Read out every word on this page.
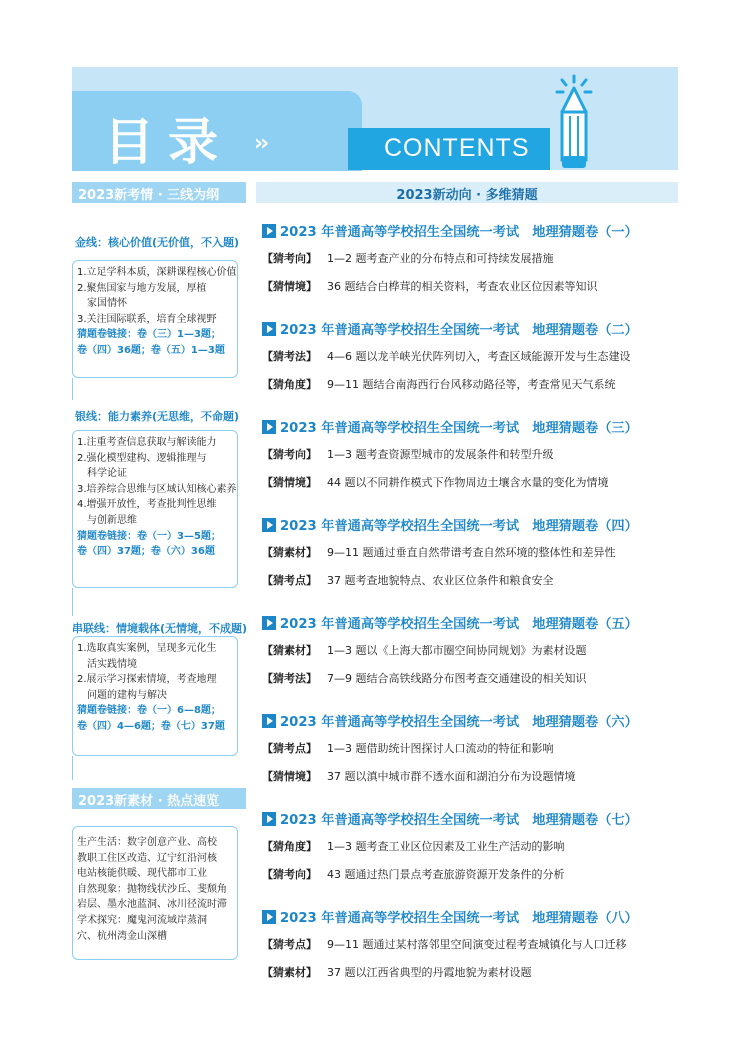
目录 ››	CONTENTS
2023新考情 · 三线为纲	2023新动向 · 多维猜题
金线：核心价值(无价值，不入题)

1.立足学科本质，深耕课程核心价值

2.聚焦国家与地方发展，厚植

　家国情怀

3.关注国际联系，培育全球视野

猜题卷链接：卷（三）1—3题；

卷（四）36题；卷（五）1—3题

银线：能力素养(无思维，不命题)

1.注重考查信息获取与解读能力

2.强化模型建构、逻辑推理与

　科学论证

3.培养综合思维与区域认知核心素养

4.增强开放性，考查批判性思维

　与创新思维

猜题卷链接：卷（一）3—5题；

卷（四）37题；卷（六）36题

串联线：情境载体(无情境，不成题)

1.选取真实案例，呈现多元化生

　活实践情境

2.展示学习探索情境，考查地理

　问题的建构与解决

猜题卷链接：卷（一）6—8题；

卷（四）4—6题；卷（七）37题

2023新素材 · 热点速览

生产生活：数字创意产业、高校

教职工住区改造、辽宁红沿河核

电站核能供暖、现代都市工业

自然现象：抛物线状沙丘、斐颓角

岩层、墨水池蓝洞、冰川径流时滞

学术探究：魔鬼河流域岸蒸洞

穴、杭州湾金山深槽

2023 年普通高等学校招生全国统一考试　地理猜题卷（一）
【猜考向】 1—2 题考查产业的分布特点和可持续发展措施
【猜情境】 36 题结合白桦茸的相关资料，考查农业区位因素等知识
2023 年普通高等学校招生全国统一考试　地理猜题卷（二）
【猜考法】 4—6 题以龙羊峡光伏阵列切入，考查区域能源开发与生态建设
【猜角度】 9—11 题结合南海西行台风移动路径等，考查常见天气系统
2023 年普通高等学校招生全国统一考试　地理猜题卷（三）
【猜考向】 1—3 题考查资源型城市的发展条件和转型升级
【猜情境】 44 题以不同耕作模式下作物周边土壤含水量的变化为情境
2023 年普通高等学校招生全国统一考试　地理猜题卷（四）
【猜素材】 9—11 题通过垂直自然带谱考查自然环境的整体性和差异性
【猜考点】 37 题考查地貌特点、农业区位条件和粮食安全
2023 年普通高等学校招生全国统一考试　地理猜题卷（五）
【猜素材】 1—3 题以《上海大都市圈空间协同规划》为素材设题
【猜考法】 7—9 题结合高铁线路分布图考查交通建设的相关知识
2023 年普通高等学校招生全国统一考试　地理猜题卷（六）
【猜考点】 1—3 题借助统计图探讨人口流动的特征和影响
【猜情境】 37 题以滇中城市群不透水面和湖泊分布为设题情境
2023 年普通高等学校招生全国统一考试　地理猜题卷（七）
【猜角度】 1—3 题考查工业区位因素及工业生产活动的影响
【猜考向】 43 题通过热门景点考查旅游资源开发条件的分析
2023 年普通高等学校招生全国统一考试　地理猜题卷（八）
【猜考点】 9—11 题通过某村落邻里空间演变过程考查城镇化与人口迁移
【猜素材】 37 题以江西省典型的丹霞地貌为素材设题
